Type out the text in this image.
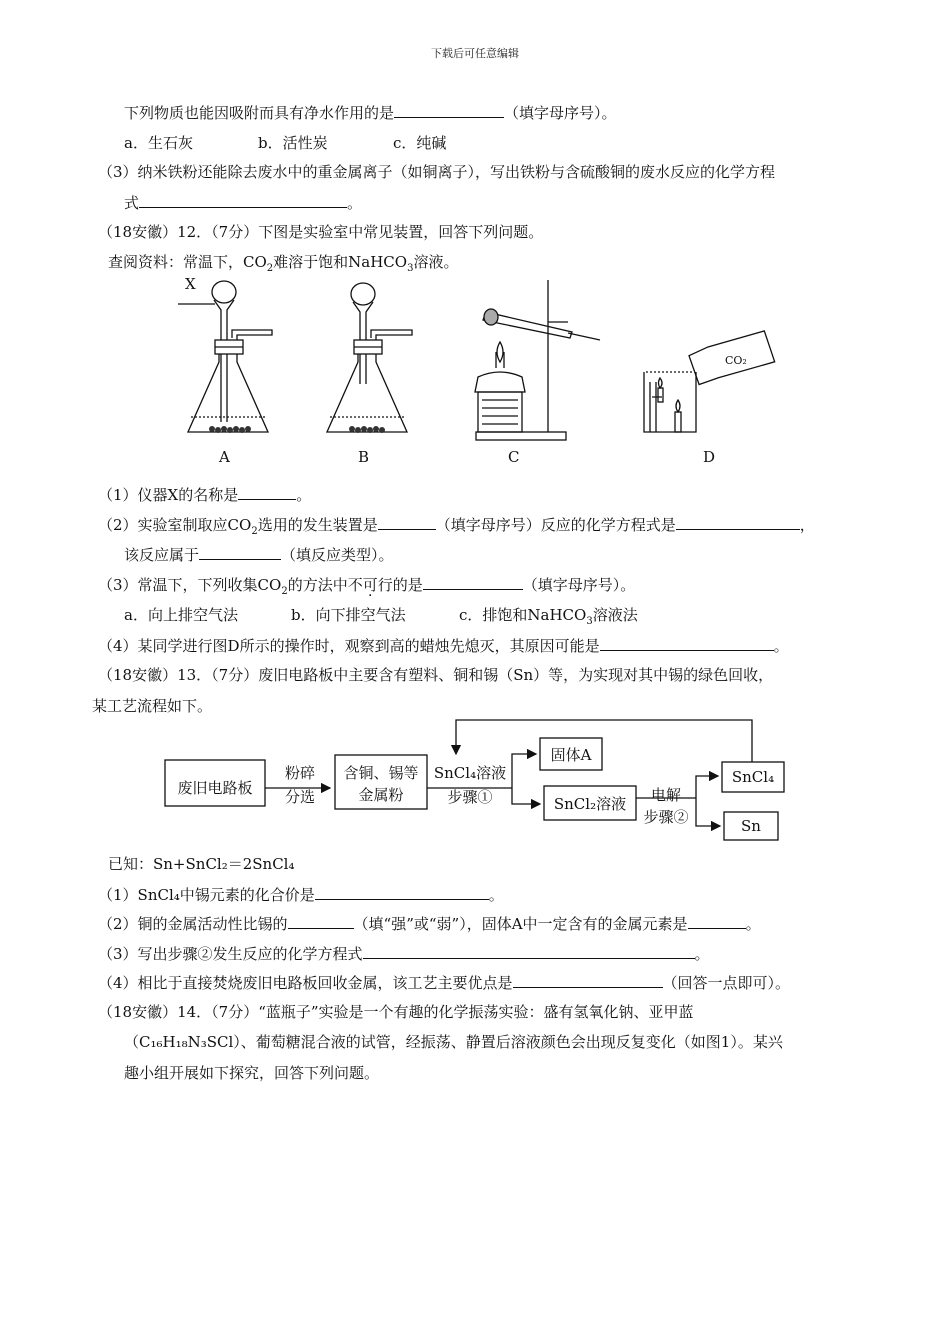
下载后可任意编辑
下列物质也能因吸附而具有净水作用的是	（填字母序号）。
a．生石灰	b．活性炭	c．纯碱
（3）纳米铁粉还能除去废水中的重金属离子（如铜离子），写出铁粉与含硫酸铜的废水反应的化学方程
式	。
（18安徽）12．（7分）下图是实验室中常见装置，回答下列问题。
查阅资料：常温下，$CO_2$难溶于饱和NaHCO$_3$溶液。
X
CO₂
A	B	C	D
（1）仪器X的名称是	。
（2）实验室制取应$CO_2$选用的发生装置是	（填字母序号）反应的化学方程式是	，
该反应属于	（填反应类型）。
（3）常温下，下列收集$CO_2$的方法中不可行的是	（填字母序号）。
a．向上排空气法	b．向下排空气法	c．排饱和NaHCO$_3$溶液法
（4）某同学进行图D所示的操作时，观察到高的蜡烛先熄灭，其原因可能是	。
（18安徽）13．（7分）废旧电路板中主要含有塑料、铜和锡（Sn）等，为实现对其中锡的绿色回收，
某工艺流程如下。
废旧电路板
粉碎
分选
含铜、锡等
金属粉
SnCl₄溶液
步骤①
固体A
SnCl₂溶液 电解
步骤②
SnCl₄
Sn
已知：Sn+SnCl₂＝2SnCl₄
（1）SnCl₄中锡元素的化合价是	。
（2）铜的金属活动性比锡的	（填“强”或“弱”），固体A中一定含有的金属元素是	。
（3）写出步骤②发生反应的化学方程式	。
（4）相比于直接焚烧废旧电路板回收金属，该工艺主要优点是	（回答一点即可）。
（18安徽）14．（7分）“蓝瓶子”实验是一个有趣的化学振荡实验：盛有氢氧化钠、亚甲蓝
（C₁₆H₁₈N₃SCl）、葡萄糖混合液的试管，经振荡、静置后溶液颜色会出现反复变化（如图1）。某兴
趣小组开展如下探究，回答下列问题。
